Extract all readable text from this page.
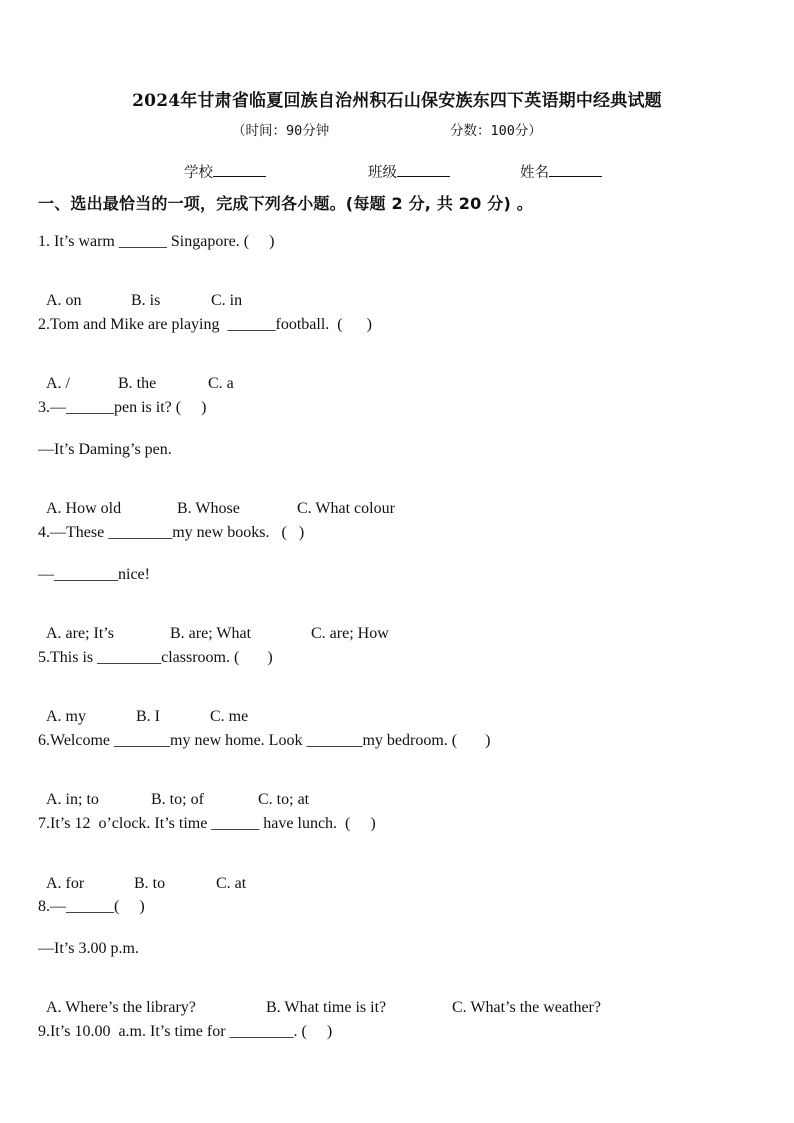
2024年甘肃省临夏回族自治州积石山保安族东四下英语期中经典试题
（时间：90分钟	分数：100分）
学校	班级	姓名
一、选出最恰当的一项，完成下列各小题。(每题 2 分, 共 20 分) 。
1. It’s warm ______ Singapore. (     )

A. on	B. is	C. in

2.Tom and Mike are playing  ______football.  (      )

A. /	B. the	C. a

3.—______pen is it? (     )
—It’s Daming’s pen.

A. How old	B. Whose	C. What colour

4.—These ________my new books.   (   )
—________nice!

A. are; It’s	B. are; What	C. are; How

5.This is ________classroom. (       )

A. my	B. I	C. me

6.Welcome _______my new home. Look _______my bedroom. (       )

A. in; to	B. to; of	C. to; at

7.It’s 12  o’clock. It’s time ______ have lunch.  (     )

A. for	B. to	C. at

8.—______(     )
—It’s 3.00 p.m.

A. Where’s the library?	B. What time is it?	C. What’s the weather?

9.It’s 10.00  a.m. It’s time for ________. (     )
